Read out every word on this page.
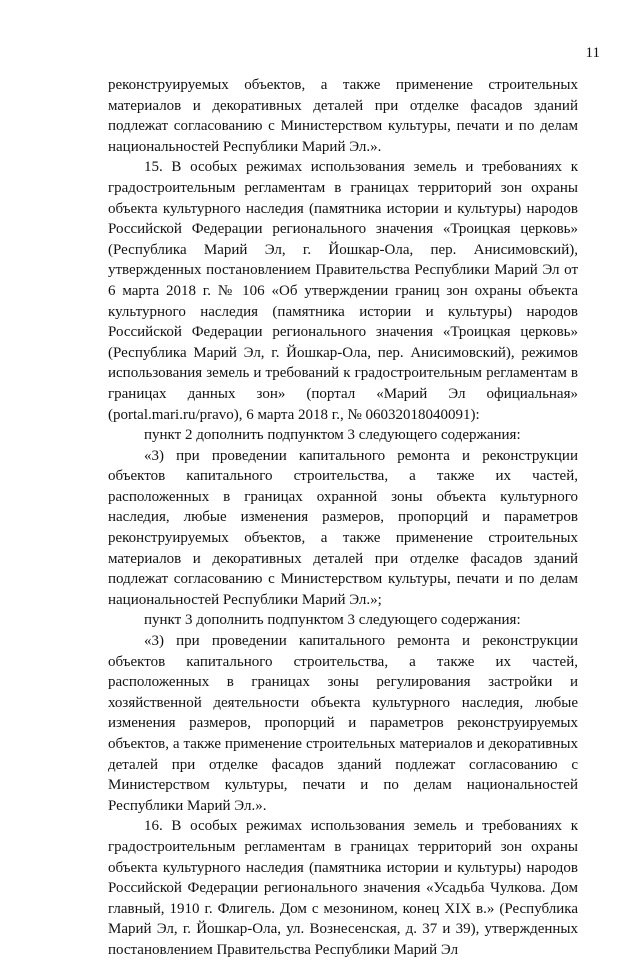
11

реконструируемых объектов, а также применение строительных материалов и декоративных деталей при отделке фасадов зданий подлежат согласованию с Министерством культуры, печати и по делам национальностей Республики Марий Эл.».

15. В особых режимах использования земель и требованиях к градостроительным регламентам в границах территорий зон охраны объекта культурного наследия (памятника истории и культуры) народов Российской Федерации регионального значения «Троицкая церковь» (Республика Марий Эл, г. Йошкар-Ола, пер. Анисимовский), утвержденных постановлением Правительства Республики Марий Эл от 6 марта 2018 г. № 106 «Об утверждении границ зон охраны объекта культурного наследия (памятника истории и культуры) народов Российской Федерации регионального значения «Троицкая церковь» (Республика Марий Эл, г. Йошкар-Ола, пер. Анисимовский), режимов использования земель и требований к градостроительным регламентам в границах данных зон» (портал «Марий Эл официальная» (portal.mari.ru/pravo), 6 марта 2018 г., № 06032018040091):

пункт 2 дополнить подпунктом 3 следующего содержания:

«3) при проведении капитального ремонта и реконструкции объектов капитального строительства, а также их частей, расположенных в границах охранной зоны объекта культурного наследия, любые изменения размеров, пропорций и параметров реконструируемых объектов, а также применение строительных материалов и декоративных деталей при отделке фасадов зданий подлежат согласованию с Министерством культуры, печати и по делам национальностей Республики Марий Эл.»;

пункт 3 дополнить подпунктом 3 следующего содержания:

«3) при проведении капитального ремонта и реконструкции объектов капитального строительства, а также их частей, расположенных в границах зоны регулирования застройки и хозяйственной деятельности объекта культурного наследия, любые изменения размеров, пропорций и параметров реконструируемых объектов, а также применение строительных материалов и декоративных деталей при отделке фасадов зданий подлежат согласованию с Министерством культуры, печати и по делам национальностей Республики Марий Эл.».

16. В особых режимах использования земель и требованиях к градостроительным регламентам в границах территорий зон охраны объекта культурного наследия (памятника истории и культуры) народов Российской Федерации регионального значения «Усадьба Чулкова. Дом главный, 1910 г. Флигель. Дом с мезонином, конец XIX в.» (Республика Марий Эл, г. Йошкар-Ола, ул. Вознесенская, д. 37 и 39), утвержденных постановлением Правительства Республики Марий Эл
